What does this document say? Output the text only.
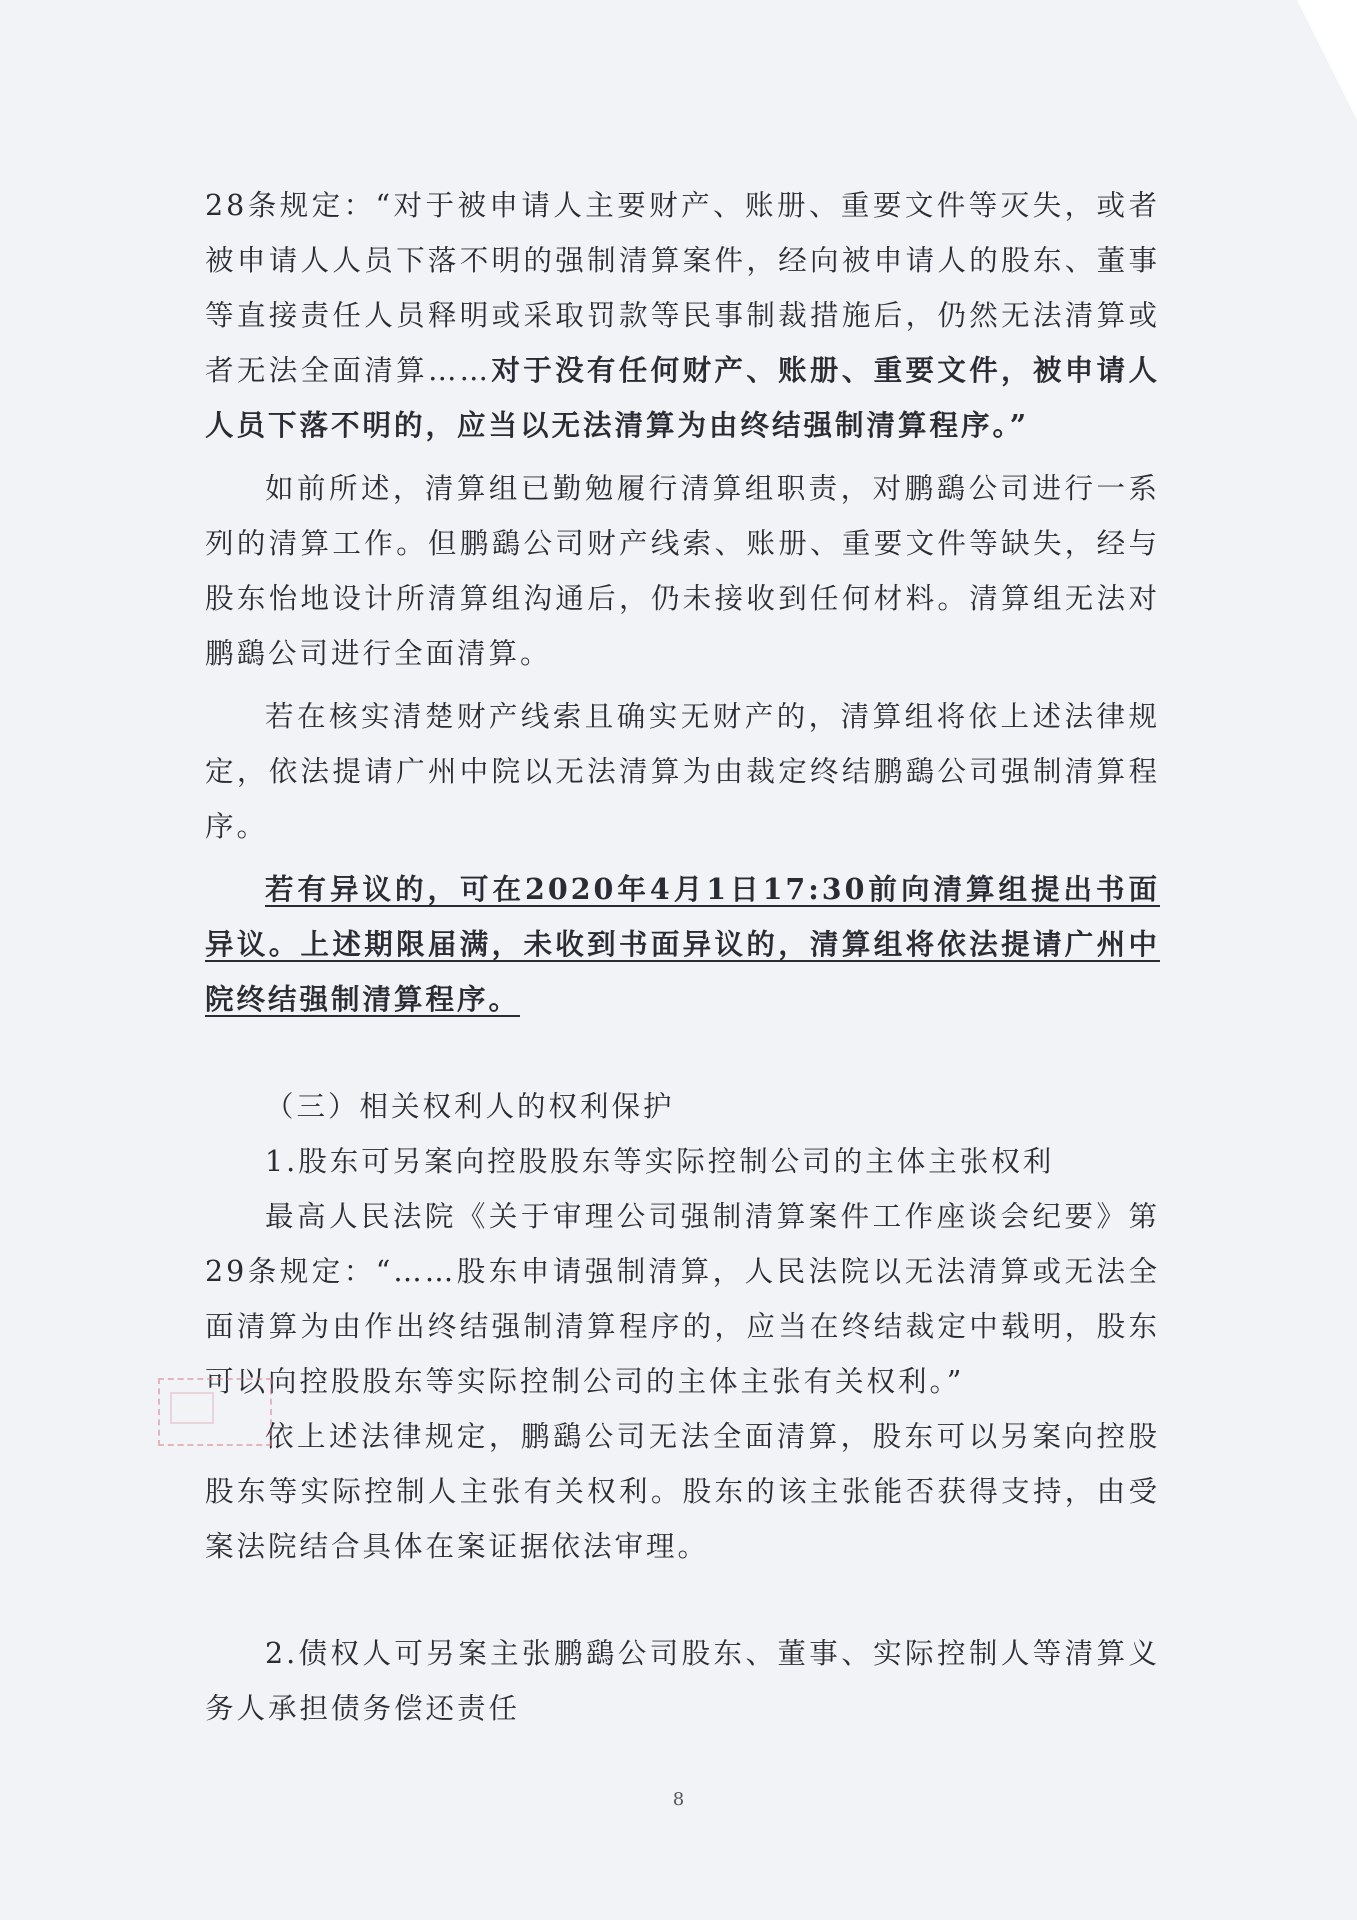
28条规定：“对于被申请人主要财产、账册、重要文件等灭失，或者被申请人人员下落不明的强制清算案件，经向被申请人的股东、董事等直接责任人员释明或采取罚款等民事制裁措施后，仍然无法清算或者无法全面清算……对于没有任何财产、账册、重要文件，被申请人人员下落不明的，应当以无法清算为由终结强制清算程序。”

如前所述，清算组已勤勉履行清算组职责，对鹏鷂公司进行一系列的清算工作。但鹏鷂公司财产线索、账册、重要文件等缺失，经与股东怡地设计所清算组沟通后，仍未接收到任何材料。清算组无法对鹏鷂公司进行全面清算。

若在核实清楚财产线索且确实无财产的，清算组将依上述法律规定，依法提请广州中院以无法清算为由裁定终结鹏鷂公司强制清算程序。

若有异议的，可在2020年4月1日17:30前向清算组提出书面异议。上述期限届满，未收到书面异议的，清算组将依法提请广州中院终结强制清算程序。

（三）相关权利人的权利保护

1.股东可另案向控股股东等实际控制公司的主体主张权利

最高人民法院《关于审理公司强制清算案件工作座谈会纪要》第29条规定：“……股东申请强制清算，人民法院以无法清算或无法全面清算为由作出终结强制清算程序的，应当在终结裁定中载明，股东可以向控股股东等实际控制公司的主体主张有关权利。”

依上述法律规定，鹏鷂公司无法全面清算，股东可以另案向控股股东等实际控制人主张有关权利。股东的该主张能否获得支持，由受案法院结合具体在案证据依法审理。

2.债权人可另案主张鹏鷂公司股东、董事、实际控制人等清算义务人承担债务偿还责任

8
